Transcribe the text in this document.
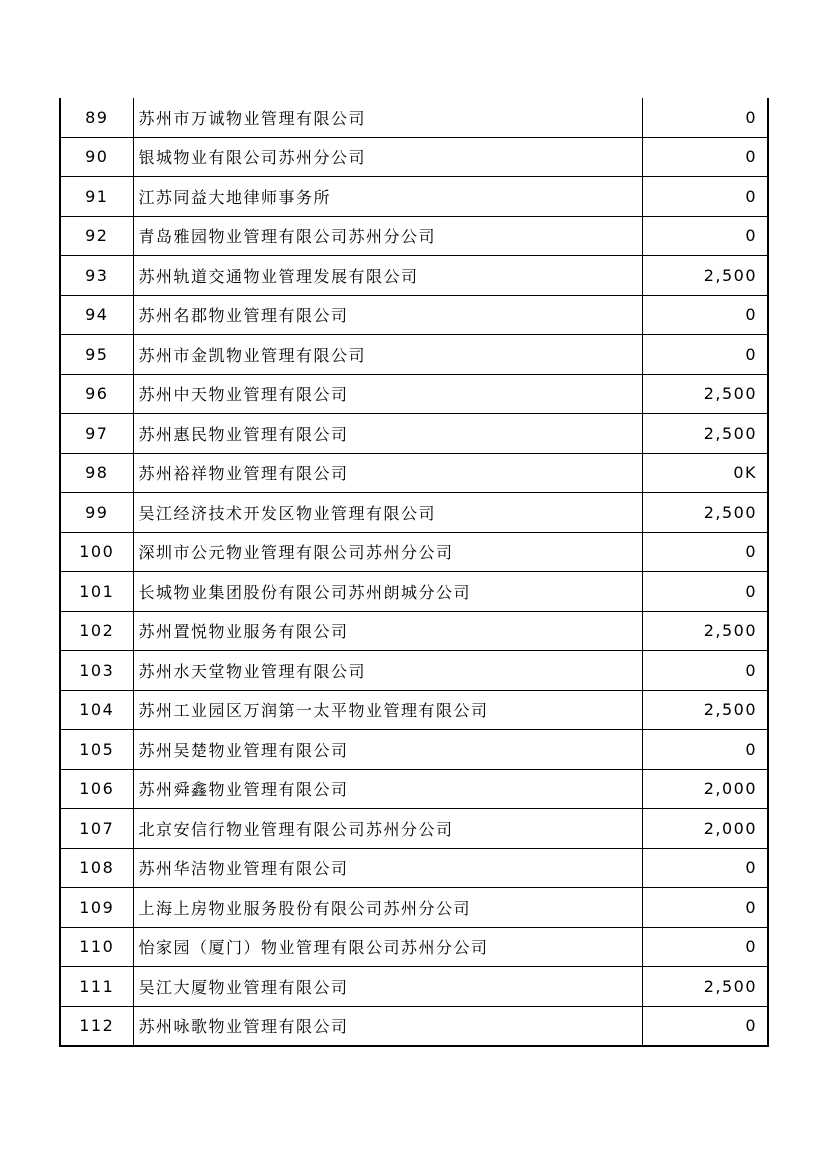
89	苏州市万诚物业管理有限公司	0
90	银城物业有限公司苏州分公司	0
91	江苏同益大地律师事务所	0
92	青岛雅园物业管理有限公司苏州分公司	0
93	苏州轨道交通物业管理发展有限公司	2,500
94	苏州名郡物业管理有限公司	0
95	苏州市金凯物业管理有限公司	0
96	苏州中天物业管理有限公司	2,500
97	苏州惠民物业管理有限公司	2,500
98	苏州裕祥物业管理有限公司	0K
99	吴江经济技术开发区物业管理有限公司	2,500
100	深圳市公元物业管理有限公司苏州分公司	0
101	长城物业集团股份有限公司苏州朗城分公司	0
102	苏州置悦物业服务有限公司	2,500
103	苏州水天堂物业管理有限公司	0
104	苏州工业园区万润第一太平物业管理有限公司	2,500
105	苏州吴楚物业管理有限公司	0
106	苏州舜鑫物业管理有限公司	2,000
107	北京安信行物业管理有限公司苏州分公司	2,000
108	苏州华洁物业管理有限公司	0
109	上海上房物业服务股份有限公司苏州分公司	0
110	怡家园（厦门）物业管理有限公司苏州分公司	0
111	吴江大厦物业管理有限公司	2,500
112	苏州咏歌物业管理有限公司	0
